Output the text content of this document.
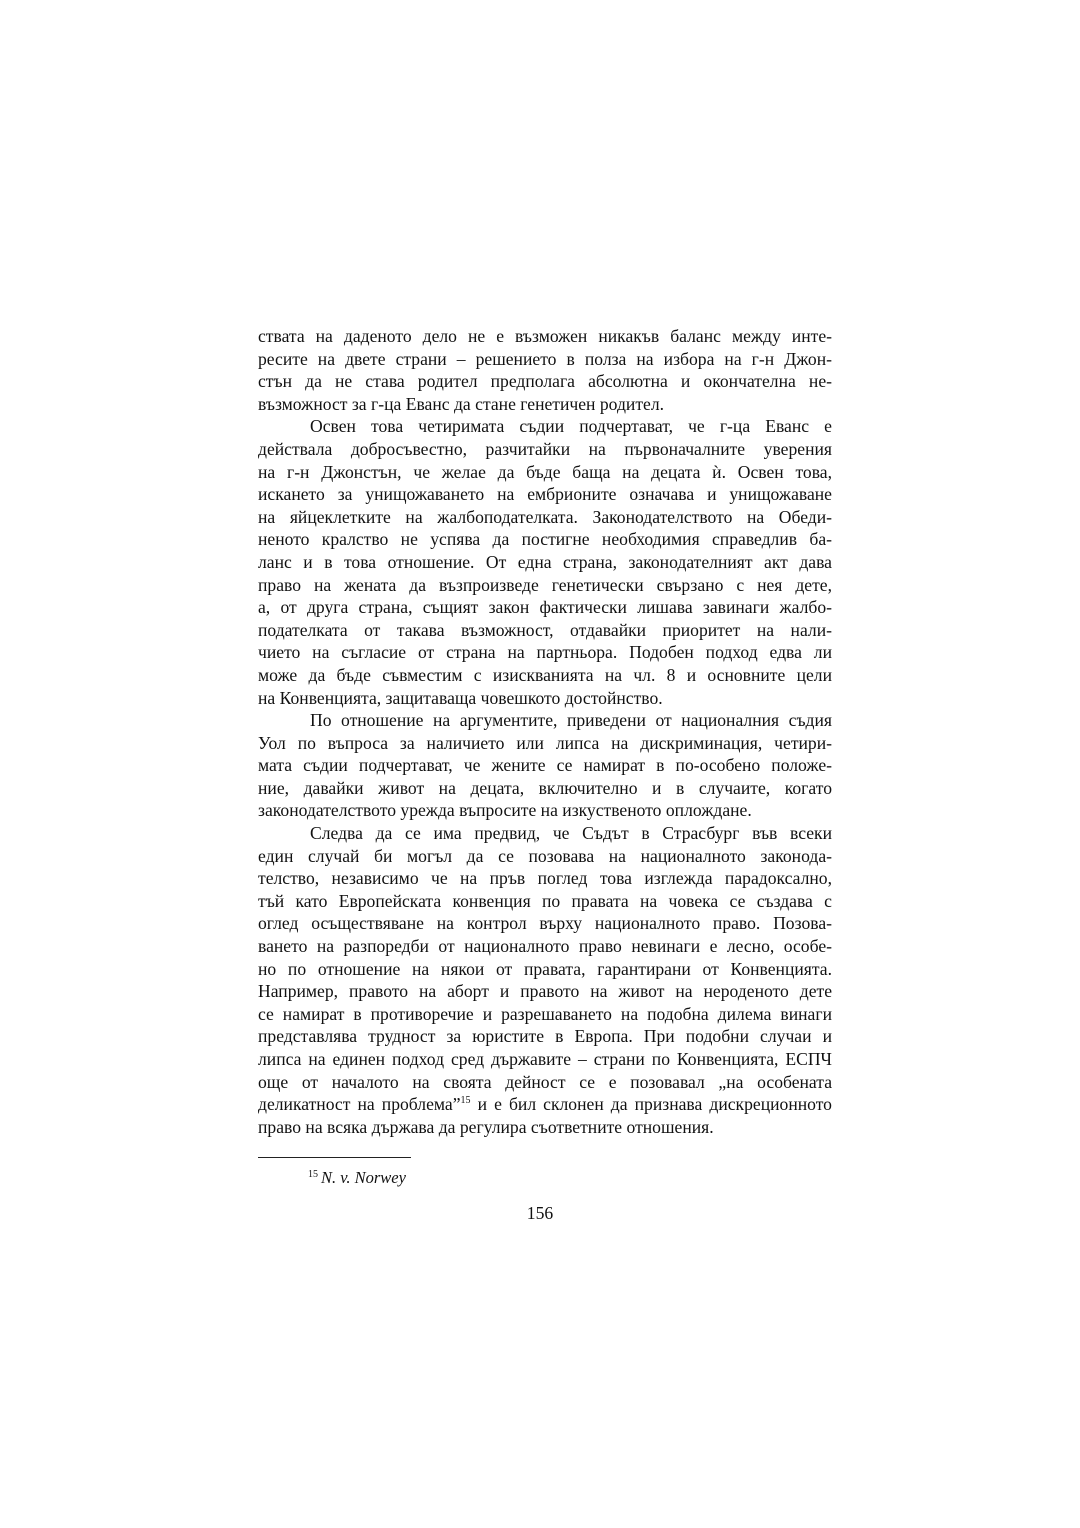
ствата на даденото дело не е възможен никакъв баланс между инте-
ресите на двете страни – решението в полза на избора на г-н Джон-
стън да не става родител предполага абсолютна и окончателна не-
възможност за г-ца Еванс да стане генетичен родител.
Освен това четиримата съдии подчертават, че г-ца Еванс е
действала добросъвестно, разчитайки на първоначалните уверения
на г-н Джонстън, че желае да бъде баща на децата ѝ. Освен това,
искането за унищожаването на ембрионите означава и унищожаване
на яйцеклетките на жалбоподателката. Законодателството на Обеди-
неното кралство не успява да постигне необходимия справедлив ба-
ланс и в това отношение. От една страна, законодателният акт дава
право на жената да възпроизведе генетически свързано с нея дете,
а, от друга страна, същият закон фактически лишава завинаги жалбо-
подателката от такава възможност, отдавайки приоритет на нали-
чието на съгласие от страна на партньора. Подобен подход едва ли
може да бъде съвместим с изискванията на чл. 8 и основните цели
на Конвенцията, защитаваща човешкото достойнство.
По отношение на аргументите, приведени от националния съдия
Уол по въпроса за наличието или липса на дискриминация, четири-
мата съдии подчертават, че жените се намират в по-особено положе-
ние, давайки живот на децата, включително и в случаите, когато
законодателството урежда въпросите на изкуственото оплождане.
Следва да се има предвид, че Съдът в Страсбург във всеки
един случай би могъл да се позовава на националното законода-
телство, независимо че на пръв поглед това изглежда парадоксално,
тъй като Европейската конвенция по правата на човека се създава с
оглед осъществяване на контрол върху националното право. Позова-
ването на разпоредби от националното право невинаги е лесно, особе-
но по отношение на някои от правата, гарантирани от Конвенцията.
Например, правото на аборт и правото на живот на нероденото дете
се намират в противоречие и разрешаването на подобна дилема винаги
представлява трудност за юристите в Европа. При подобни случаи и
липса на единен подход сред държавите – страни по Конвенцията, ЕСПЧ
още от началото на своята дейност се е позовавал „на особената
деликатност на проблема”$^{15}$ и е бил склонен да признава дискреционното
право на всяка държава да регулира съответните отношения.
$^{15}$ N. v. Norwey
156
